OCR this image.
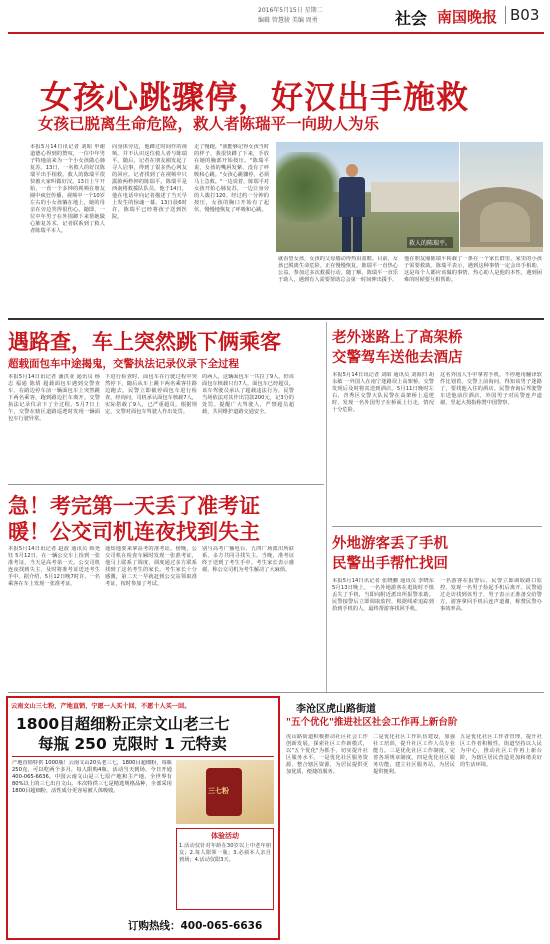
2016年5月15日 星期二
编辑 管慧骏 美编 周勇	社会 南国晚报 B03
女孩心跳骤停，好汉出手施救
女孩已脱离生命危险，救人者陈瑞平一向助人为乐
本报5月14日讯记者 刘昭 申谢道德心得到的赞叹，一位中年男子特地前来为一个小女孩做心肺复苏。13日，一名救人的好汉陈瑞平出手相救。救人的陈瑞平很快被大家叫做好汉。13日上午开始，一直一个多钟的视频在朋友圈中疯狂传播，视频中一个10岁左右的小女孩躺在地上，她的母亲在旁边哭得很伤心。随即，一位中年男子在外围蹲下来帮她做心肺复苏术，记者联系到了救人者陈瑞平本人。
向身体旁边，他蹲过时间作的视频。并不认识这位救人者与陈瑞平。随后，记者在朋友圈发起了寻人启事，得到了很多热心网友的回应。记者找到了在视频中只露脸两秒钟的陈瑞平。陈瑞平是西南将救援队队员，他于14日，他在电话中向记者描述了当天早上发生的惊魂一幕。13日晨6时许，陈瑞平已经将孩子送到医院。
走了慢跑。"我能够记得女孩当时的样子，我很快蹲了下来，手放在她的胸部开始按压。"陈瑞平说，女孩的嘴唇发紫，没有了呼吸和心跳。"女孩心跳骤停，必须马上急救。"一边说着，陈瑞平对女孩开始心肺复苏，一边让身旁的人拨打120。经过约一分钟的按压，女孩的胸口开始有了起伏，慢慢地恢复了呼吸和心跳。
救人的陈瑞平。
就看望女孩，女孩的父母感动得热泪盈眶。目前，女孩已脱离生命危险。正在慢慢恢复。陈瑞平一直热心公益，参加过多次救援行动。随了解，陈瑞平一直乐于助人，遇到有人需要帮助总会第一时间伸出援手。
他在朋友圈陈瑞平转载了一条在一个家长群里，家里的小孩子需要救助。陈瑞平表示，遇到这种事情一定会出手相助，这是每个人都应该做的事情，热心助人是他的本性，遇到困难的时候要互相帮助。
遇路查，车上突然跳下俩乘客
超载面包车中途揭鬼，交警执法记录仪录下全过程
本报5月14日讯记者 潘洪业 通讯员 杨志 福通 陈倩 超载面包车遇到交警查车，在路边停车前一辆面包车上突然跳下两名乘客，跑到路边拦车离开。交警执法记录仪录下了全过程。5月7日上午，交警在辖区道路巡逻时发现一辆面包车行驶异常。
下进行检查时，面包车在行驶过程中突然停下，随后从车上跳下两名乘客往路边跑去。民警立即截停面包车进行检查。经询问，司机承认面包车核载7人，实际搭载了9人，已严重超员。根据规定，交警对面包车驾驶人作出处罚。
的两人，这辆面包车一共拉了9人，但该面包车核载只有7人，面包车已经超员。该车驾驶员承认了超载违法行为，民警当场依法对其作出罚款200元，记3分的处罚。提醒广大驾驶人，严禁超员超载，共同维护道路交通安全。
急！考完第一天丢了准考证
暖！公交司机连夜找到失主
本报5月14日讯记者 赵波 通讯员 韩尧钰 5月12日，在一辆公交车上捡到一张准考证，当天是高考第一天。公交司机连夜找到失主，及时将准考证送还考生手中。据介绍，5月12日晚7时许，一名乘客在车上发现一张准考证。
通知他要来拿高考的准考证。傍晚，公交司机在检查车厢时发现一张准考证，他马上联系了调度，调度通过多方联系找到了这名考生的家长。考生家长十分感激，第二天一早就赶到公交站领取准考证，按时参加了考试。
别与高考广播电台、五四广场派出所联系，多方共同寻找失主。当晚，准考证终于送到了考生手中。考生家长表示感谢，称公交司机为考生解决了大麻烦。
老外迷路上了高架桥
交警驾车送他去酒店
本报5月14日讯记者 刘昭 通讯员 刘海归 胡永敏 一外国人在南宁迷路误上高架桥。交警发现后及时将其送到酒店。5月11日晚时左右，青秀区交警大队民警在高架桥上巡逻时，发现一名外国男子在桥面上行走，情况十分危险。
这名外国人手中拿着手机，不停地用翻译软件比划着。交警上前询问，得知该男子迷路了，要找他入住的酒店。民警查询后驾驶警车送他前往酒店，外国男子对民警连声道谢，竖起大拇指称赞中国警察。
外地游客丢了手机
民警出手帮忙找回
本报5月14日讯记者 张晓鹏 通讯员 李晓东 5月13日晚上，一名外地游客在逛街时不慎丢失了手机，当即向附近派出所报警求助。民警接警后立即调取监控，根据线索追踪到拾到手机的人，最终帮游客找回手机。
一名游客在报警后，民警立即调取路口监控，发现一名男子捡起手机后离开。民警通过走访找到该男子，男子表示正准备交给警方。游客拿回手机后连声道谢，称赞民警办事效率高。
云南文山三七粉，产地直销，宁愿一人买十回，不愿十人买一回。
1800目超细粉正宗文山老三七
每瓶 250 克限时 1 元特卖
产地直销特供 1000瓶！云南文山20头老三七，1800目超细粉，每瓶250克，可以吃两个多月，每人限购4瓶。活动当天到场，今日开通400-065-6636。中国云南文山是三七原产地和主产地，全世界有80%以上的三七出自文山。本次特供三七是精选规格品种，全部采用1800目超细粉，活性成分更容易被人体吸收。	三七粉
体验活动
1.活动仅针对年龄在30岁以上中老年朋友；2.每人限领一瓶；3.必须本人亲自到场；4.活动仅限3天。
订购热线：400-065-6636
李沧区虎山路街道
"五个优化"推进社区社会工作再上新台阶
虎山路街道积极推动社区社会工作创新发展，探索社区工作新模式，以"五个优化"为抓手，切实提升社区服务水平。一是优化社区服务资源，整合辖区资源，为居民提供更加优质、便捷的服务。
二是优化社区工作队伍建设，加强社工培训，提升社区工作人员专业能力。三是优化社区工作制度，完善各项规章制度。四是优化社区服务功能，建立社区服务站，为居民提供便利。
五是优化社区工作者管理，提升社区工作者积极性。街道坚持以人民为中心，推动社区工作再上新台阶，为辖区居民营造更加和谐美好的生活环境。
